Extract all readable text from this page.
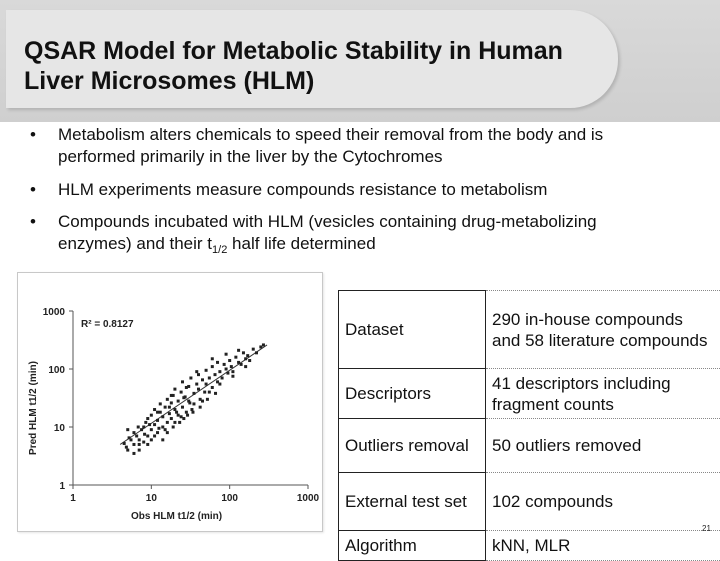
QSAR Model for Metabolic Stability in Human Liver Microsomes (HLM)
• Metabolism alters chemicals to speed their removal from the body and is performed primarily in the liver by the Cytochromes
• HLM experiments measure compounds resistance to metabolism
• Compounds incubated with HLM (vesicles containing drug-metabolizing enzymes) and their $t_{1/2}$ half life determined
1	10	100	1000
1
10
100
1000
Obs HLM t1/2 (min)
Pred HLM t1/2 (min)
R² = 0.8127	Dataset	290 in-house compounds and 58 literature compounds
Descriptors	41 descriptors including fragment counts
Outliers removal	50 outliers removed
External test set	102 compounds
Algorithm	kNN, MLR
21
